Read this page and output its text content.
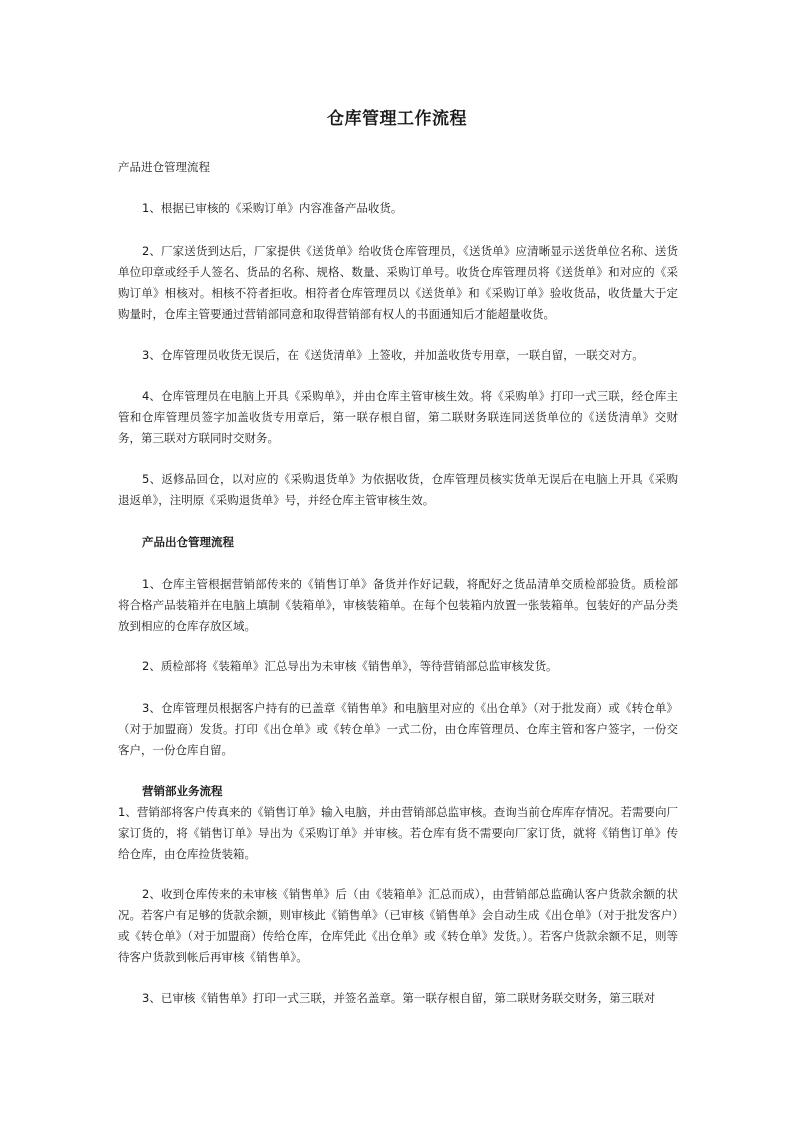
仓库管理工作流程

产品进仓管理流程

1、根据已审核的《采购订单》内容准备产品收货。

2、厂家送货到达后，厂家提供《送货单》给收货仓库管理员，《送货单》应清晰显示送货单位名称、送货单位印章或经手人签名、货品的名称、规格、数量、采购订单号。收货仓库管理员将《送货单》和对应的《采购订单》相核对。相核不符者拒收。相符者仓库管理员以《送货单》和《采购订单》验收货品，收货量大于定购量时，仓库主管要通过营销部同意和取得营销部有权人的书面通知后才能超量收货。

3、仓库管理员收货无误后，在《送货清单》上签收，并加盖收货专用章，一联自留，一联交对方。

4、仓库管理员在电脑上开具《采购单》，并由仓库主管审核生效。将《采购单》打印一式三联，经仓库主管和仓库管理员签字加盖收货专用章后，第一联存根自留，第二联财务联连同送货单位的《送货清单》交财务，第三联对方联同时交财务。

5、返修品回仓，以对应的《采购退货单》为依据收货，仓库管理员核实货单无误后在电脑上开具《采购退返单》，注明原《采购退货单》号，并经仓库主管审核生效。

产品出仓管理流程

1、仓库主管根据营销部传来的《销售订单》备货并作好记载，将配好之货品清单交质检部验货。质检部将合格产品装箱并在电脑上填制《装箱单》，审核装箱单。在每个包装箱内放置一张装箱单。包装好的产品分类放到相应的仓库存放区域。

2、质检部将《装箱单》汇总导出为未审核《销售单》，等待营销部总监审核发货。

3、仓库管理员根据客户持有的已盖章《销售单》和电脑里对应的《出仓单》（对于批发商）或《转仓单》（对于加盟商）发货。打印《出仓单》或《转仓单》一式二份，由仓库管理员、仓库主管和客户签字，一份交客户，一份仓库自留。

营销部业务流程

1、营销部将客户传真来的《销售订单》输入电脑，并由营销部总监审核。查询当前仓库库存情况。若需要向厂家订货的，将《销售订单》导出为《采购订单》并审核。若仓库有货不需要向厂家订货，就将《销售订单》传给仓库，由仓库捡货装箱。

2、收到仓库传来的未审核《销售单》后（由《装箱单》汇总而成），由营销部总监确认客户货款余额的状况。若客户有足够的货款余额，则审核此《销售单》（已审核《销售单》会自动生成《出仓单》（对于批发客户）或《转仓单》（对于加盟商）传给仓库，仓库凭此《出仓单》或《转仓单》发货。）。若客户货款余额不足，则等待客户货款到帐后再审核《销售单》。

3、已审核《销售单》打印一式三联，并签名盖章。第一联存根自留，第二联财务联交财务，第三联对
